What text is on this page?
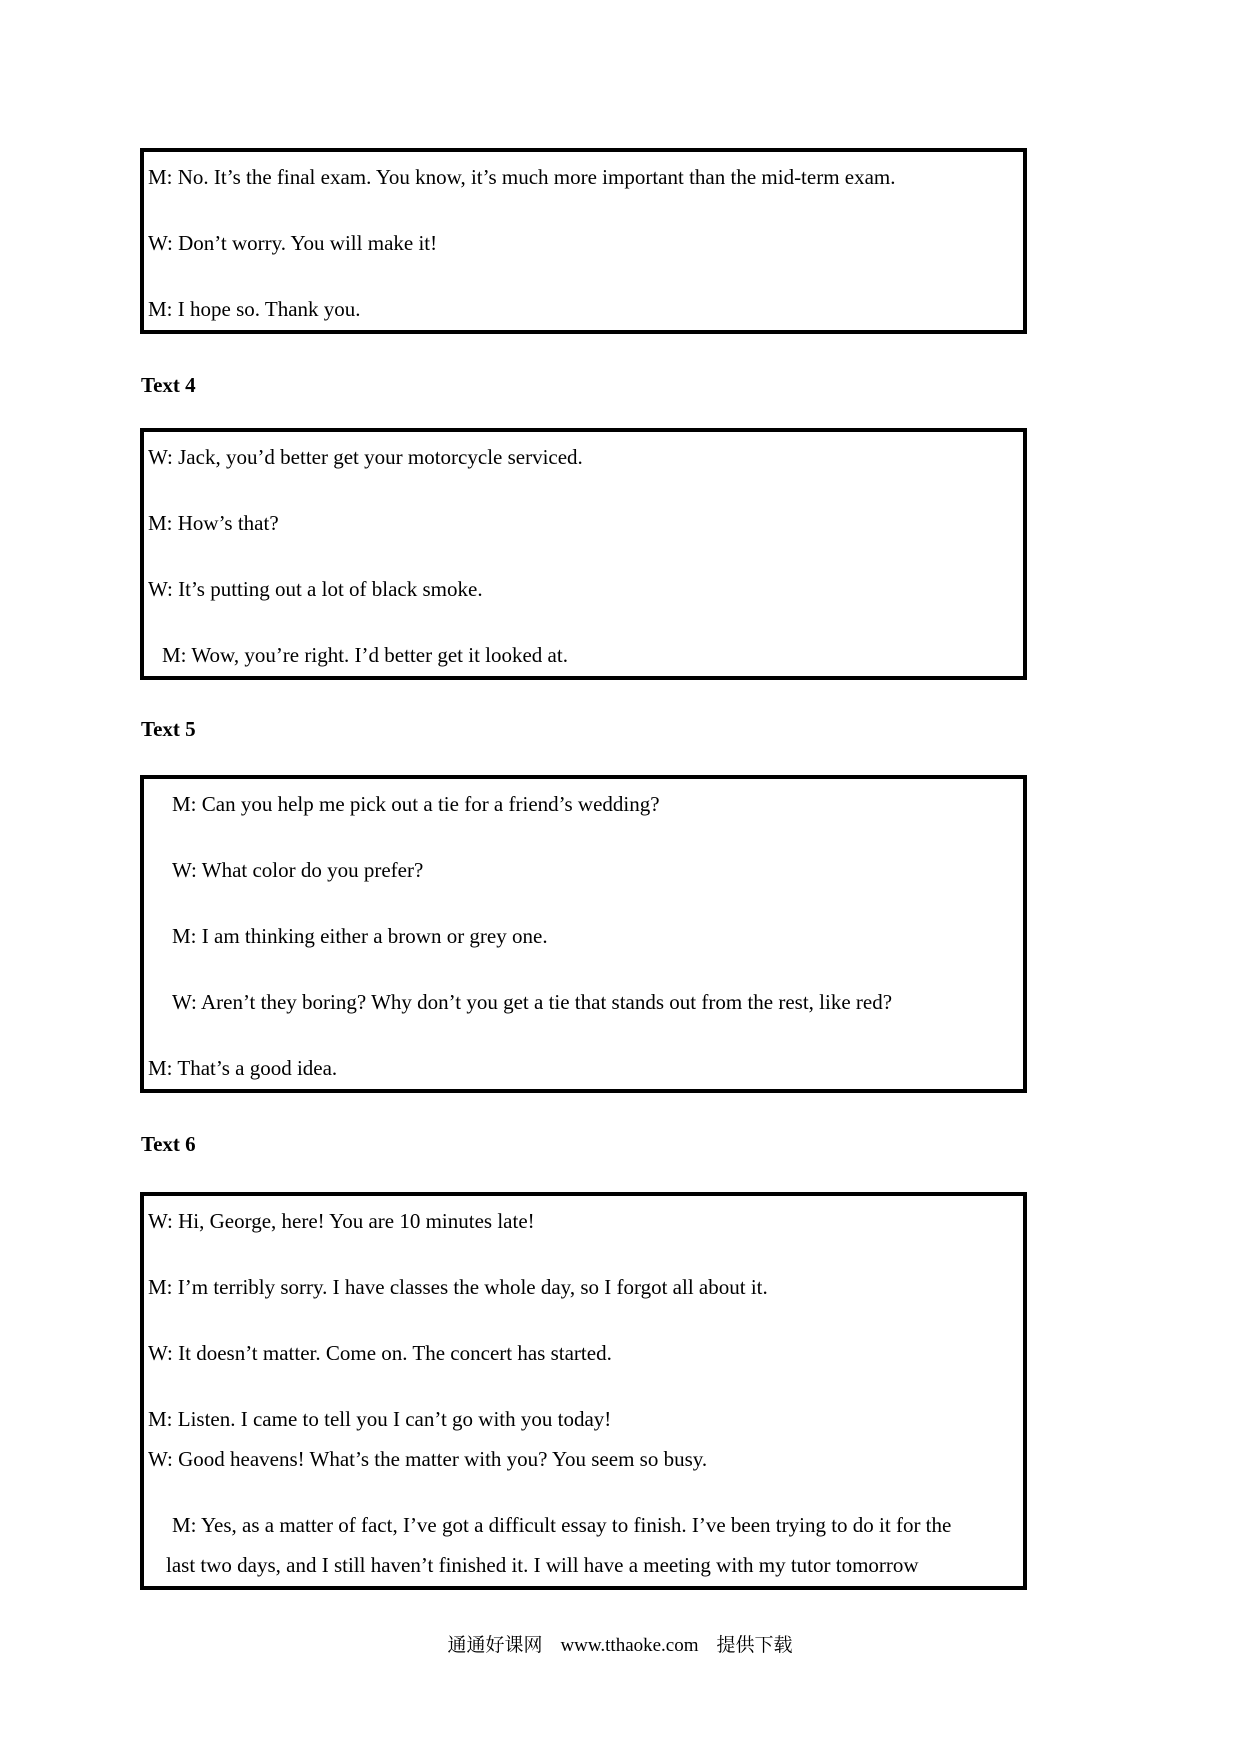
M: No. It’s the final exam. You know, it’s much more important than the mid-term exam.

W: Don’t worry. You will make it!

M: I hope so. Thank you.

Text 4

W: Jack, you’d better get your motorcycle serviced.

M: How’s that?

W: It’s putting out a lot of black smoke.

M: Wow, you’re right. I’d better get it looked at.

Text 5

M: Can you help me pick out a tie for a friend’s wedding?

W: What color do you prefer?

M: I am thinking either a brown or grey one.

W: Aren’t they boring? Why don’t you get a tie that stands out from the rest, like red?

M: That’s a good idea.

Text 6

W: Hi, George, here! You are 10 minutes late!

M: I’m terribly sorry. I have classes the whole day, so I forgot all about it.

W: It doesn’t matter. Come on. The concert has started.

M: Listen. I came to tell you I can’t go with you today!

W: Good heavens! What’s the matter with you? You seem so busy.

M: Yes, as a matter of fact, I’ve got a difficult essay to finish. I’ve been trying to do it for the

last two days, and I still haven’t finished it. I will have a meeting with my tutor tomorrow

通通好课网 www.tthaoke.com 提供下载
